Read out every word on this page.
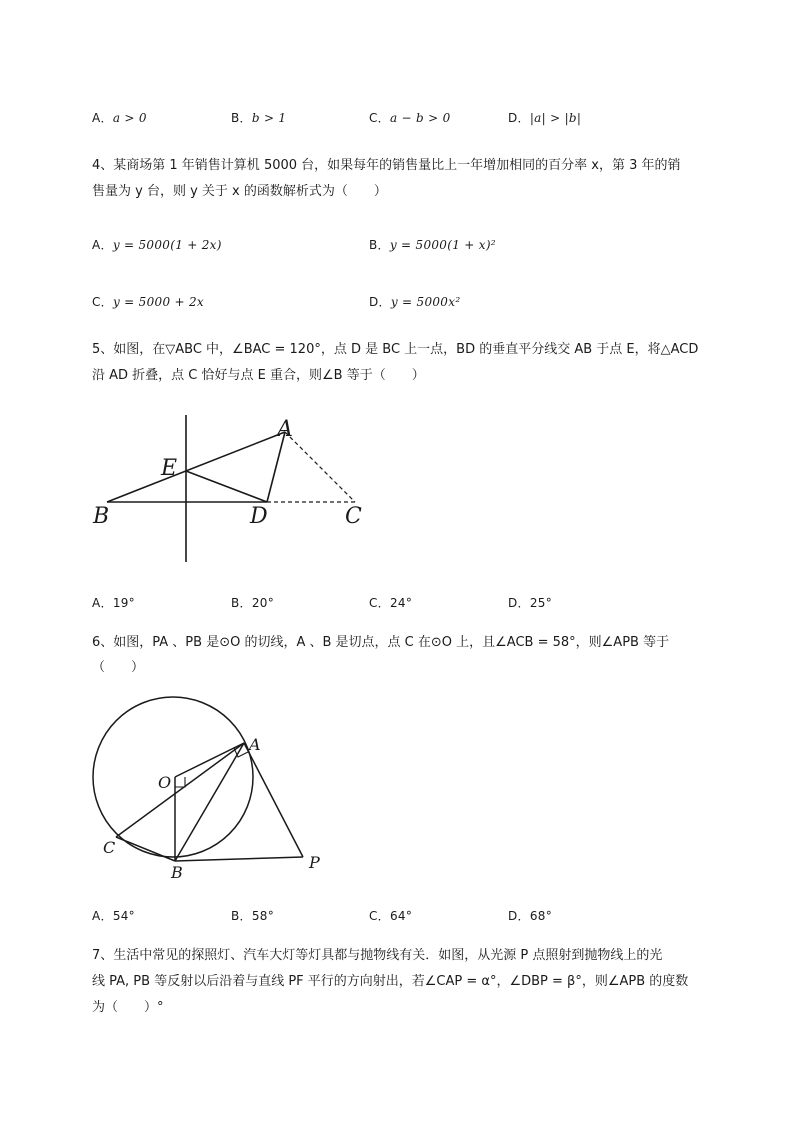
A．a > 0	B．b > 1	C．a − b > 0	D．|a| > |b|
4、某商场第 1 年销售计算机 5000 台，如果每年的销售量比上一年增加相同的百分率 x，第 3 年的销
售量为 y 台，则 y 关于 x 的函数解析式为（　　）
A．y = 5000(1 + 2x)	B．y = 5000(1 + x)²
C．y = 5000 + 2x	D．y = 5000x²
5、如图，在▽ABC 中，∠BAC = 120°，点 D 是 BC 上一点，BD 的垂直平分线交 AB 于点 E，将△ACD
沿 AD 折叠，点 C 恰好与点 E 重合，则∠B 等于（　　）
A
E
B	D	C
A．19°	B．20°	C．24°	D．25°
6、如图，PA 、PB 是⊙O 的切线，A 、B 是切点，点 C 在⊙O 上，且∠ACB = 58°，则∠APB 等于
（　　）
A
O
C
B
P
A．54°	B．58°	C．64°	D．68°
7、生活中常见的探照灯、汽车大灯等灯具都与抛物线有关．如图，从光源 P 点照射到抛物线上的光
线 PA, PB 等反射以后沿着与直线 PF 平行的方向射出，若∠CAP = α°，∠DBP = β°，则∠APB 的度数
为（　　）°
